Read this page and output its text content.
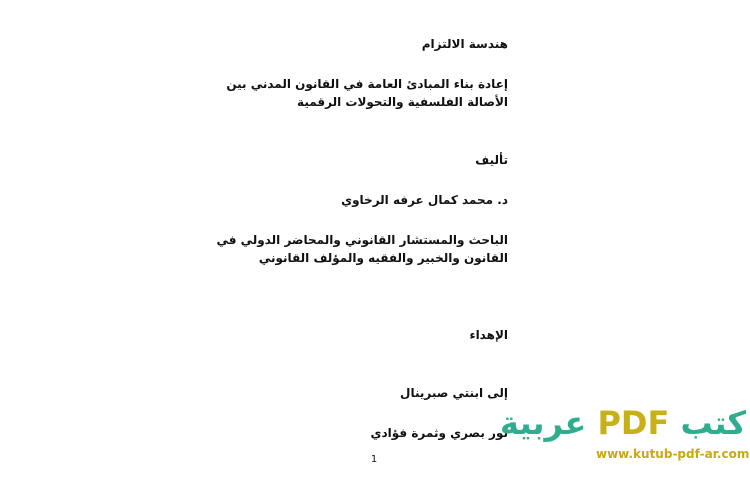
هندسة الالتزام
إعادة بناء المبادئ العامة في القانون المدني بين
الأصالة الفلسفية والتحولات الرقمية
تأليف
د. محمد كمال عرفه الرخاوي
الباحث والمستشار القانوني والمحاضر الدولي في
القانون والخبير والفقيه والمؤلف القانوني
الإهداء
إلى ابنتي صبرينال
نور بصري وثمرة فؤادي
1
كتب PDF عربية
www.kutub-pdf-ar.com
